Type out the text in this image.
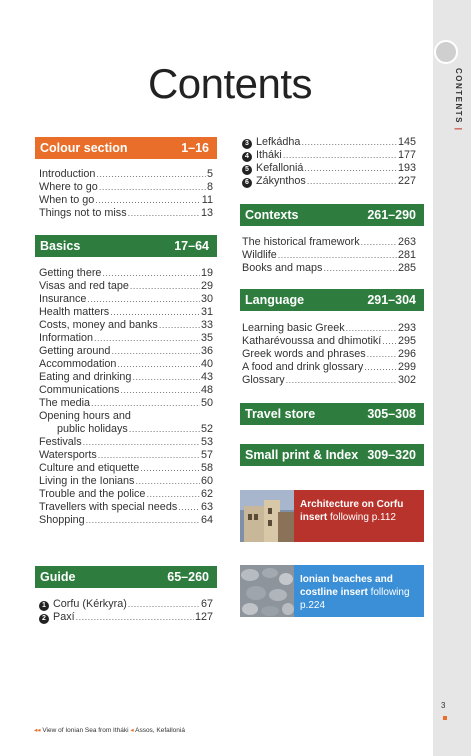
CONTENTS |
Contents
Colour section	1–16
Introduction .....	5
Where to go .....	8
When to go .....	11
Things not to miss .....	13
Basics	17–64
Getting there .....	19
Visas and red tape .....	29
Insurance .....	30
Health matters .....	31
Costs, money and banks .....	33
Information .....	35
Getting around .....	36
Accommodation .....	40
Eating and drinking .....	43
Communications .....	48
The media .....	50
Opening hours and
public holidays .....	52
Festivals .....	53
Watersports .....	57
Culture and etiquette .....	58
Living in the Ionians .....	60
Trouble and the police .....	62
Travellers with special needs ..... 63
Shopping .....	64
Guide	65–260
1 Corfu (Kérkyra) .....	67
2 Paxí .....	127
3 Lefkádha .....	145
4 Itháki .....	177
5 Kefalloniá .....	193
6 Zákynthos .....	227
Contexts	261–290
The historical framework .....	263
Wildlife .....	281
Books and maps .....	285
Language	291–304
Learning basic Greek .....	293
Katharévoussa and dhimotikí ..... 295
Greek words and phrases .....	296
A food and drink glossary .....	299
Glossary .....	302
Travel store	305–308
Small print & Index 309–320
Architecture on Corfu
insert following p.112
Ionian beaches and
costline insert following
p.224
◂◂ View of Ionian Sea from Itháki ◂ Assos, Kefalloniá
3
